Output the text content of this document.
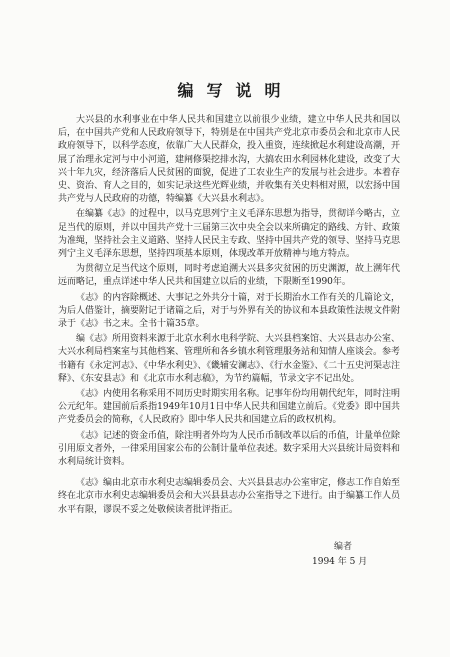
编写说明

大兴县的水利事业在中华人民共和国建立以前很少业绩，建立中华人民共和国以后，在中国共产党和人民政府领导下，特别是在中国共产党北京市委员会和北京市人民政府领导下，以科学态度，依靠广大人民群众，投入重资，连续掀起水利建设高潮，开展了治理永定河与中小河道，建闸修渠挖排水沟，大搞农田水利园林化建设，改变了大兴十年九灾，经济落后人民贫困的面貌，促进了工农业生产的发展与社会进步。本着存史、资治、育人之目的，如实记录这些光辉业绩，并收集有关史料相对照，以宏扬中国共产党与人民政府的功德，特编纂《大兴县水利志》。

在编纂《志》的过程中，以马克思列宁主义毛泽东思想为指导，贯彻详今略古，立足当代的原则，并以中国共产党十三届第三次中央全会以来所确定的路线、方针、政策为准绳，坚持社会主义道路、坚持人民民主专政、坚持中国共产党的领导、坚持马克思列宁主义毛泽东思想，坚持四项基本原则，体现改革开放精神与地方特点。

为贯彻立足当代这个原则，同时考虑追溯大兴县多灾贫困的历史渊源，故上溯年代远而略记，重点详述中华人民共和国建立以后的业绩，下限断至1990年。

《志》的内容除概述、大事记之外共分十篇，对于长期治水工作有关的几篇论文，为后人借鉴计，摘要附记于诸篇之后，对于与外界有关的协议和本县政策性法规文件附录于《志》书之末。全书十篇35章。

编《志》所用资料来源于北京水利水电科学院、大兴县档案馆、大兴县志办公室、大兴水利局档案室与其他档案、管理所和各乡镇水利管理服务站和知情人座谈会。参考书籍有《永定河志》、《中华水利史》、《畿辅安澜志》、《行水金鉴》、《二十五史河渠志注释》、《东安县志》和《北京市水利志稿》，为节约篇幅，节录文字不记出处。

《志》内使用名称采用不同历史时期实用名称。记事年份均用朝代纪年，同时注明公元纪年。建国前后系指1949年10月1日中华人民共和国建立前后。《党委》即中国共产党委员会的简称，《人民政府》即中华人民共和国建立后的政权机构。

《志》记述的资金币值，除注明者外均为人民币币制改革以后的币值，计量单位除引用原文者外，一律采用国家公布的公制计量单位表述。数字采用大兴县统计局资料和水利局统计资料。

《志》编由北京市水利史志编辑委员会、大兴县县志办公室审定，修志工作自始至终在北京市水利史志编辑委员会和大兴县县志办公室指导之下进行。由于编纂工作人员水平有限，谬误不妥之处敬候读者批评指正。

编者
1994 年 5 月
